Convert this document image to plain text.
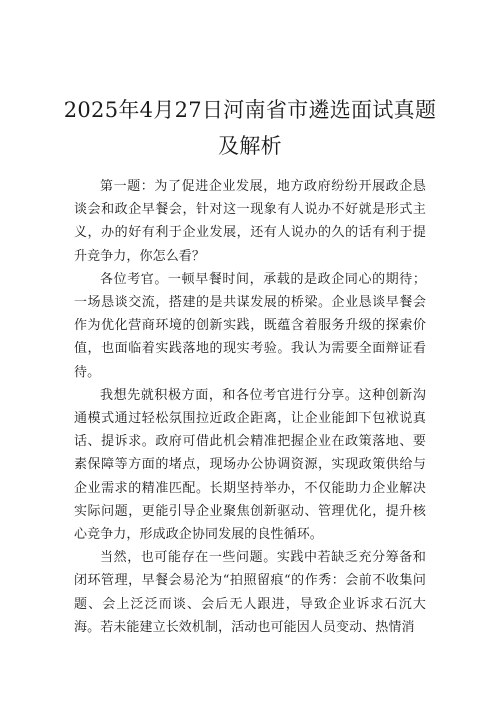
2025年4月27日河南省市遴选面试真题及解析

第一题：为了促进企业发展，地方政府纷纷开展政企恳谈会和政企早餐会，针对这一现象有人说办不好就是形式主义，办的好有利于企业发展，还有人说办的久的话有利于提升竞争力，你怎么看？

各位考官。一顿早餐时间，承载的是政企同心的期待；一场恳谈交流，搭建的是共谋发展的桥梁。企业恳谈早餐会作为优化营商环境的创新实践，既蕴含着服务升级的探索价值，也面临着实践落地的现实考验。我认为需要全面辩证看待。

我想先就积极方面，和各位考官进行分享。这种创新沟通模式通过轻松氛围拉近政企距离，让企业能卸下包袱说真话、提诉求。政府可借此机会精准把握企业在政策落地、要素保障等方面的堵点，现场办公协调资源，实现政策供给与企业需求的精准匹配。长期坚持举办，不仅能助力企业解决实际问题，更能引导企业聚焦创新驱动、管理优化，提升核心竞争力，形成政企协同发展的良性循环。

当然，也可能存在一些问题。实践中若缺乏充分筹备和闭环管理，早餐会易沦为“拍照留痕“的作秀：会前不收集问题、会上泛泛而谈、会后无人跟进，导致企业诉求石沉大海。若未能建立长效机制，活动也可能因人员变动、热情消
